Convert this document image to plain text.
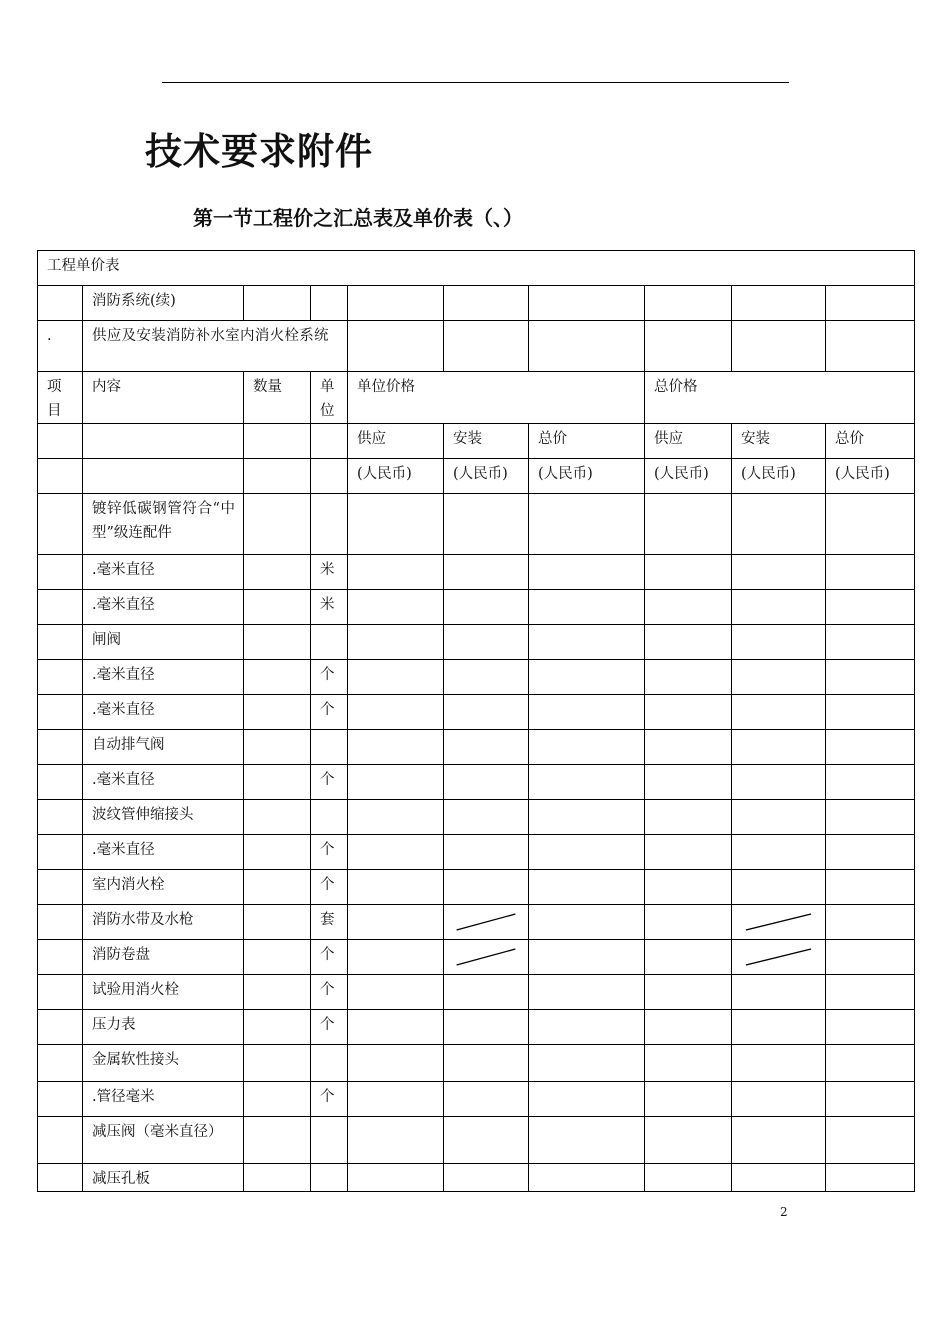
技术要求附件
第一节工程价之汇总表及单价表（、）
工程单价表									
	消防系统(续)								
.	供应及安装消防补水室内消火栓系统								
项目	内容	数量	单位	单位价格			总价格		
				供应	安装	总价	供应	安装	总价
				(人民币)	(人民币)	(人民币)	(人民币)	(人民币)	(人民币)
	镀锌低碳钢管符合“中型”级连配件								
	.毫米直径		米						
	.毫米直径		米						
	闸阀								
	.毫米直径		个						
	.毫米直径		个						
	自动排气阀								
	.毫米直径		个						
	波纹管伸缩接头								
	.毫米直径		个						
	室内消火栓		个						
	消防水带及水枪		套		

	消防卷盘		个		

	试验用消火栓		个						
	压力表		个						
	金属软性接头								
	.管径毫米		个						
	减压阀（毫米直径）								
	减压孔板								
2
